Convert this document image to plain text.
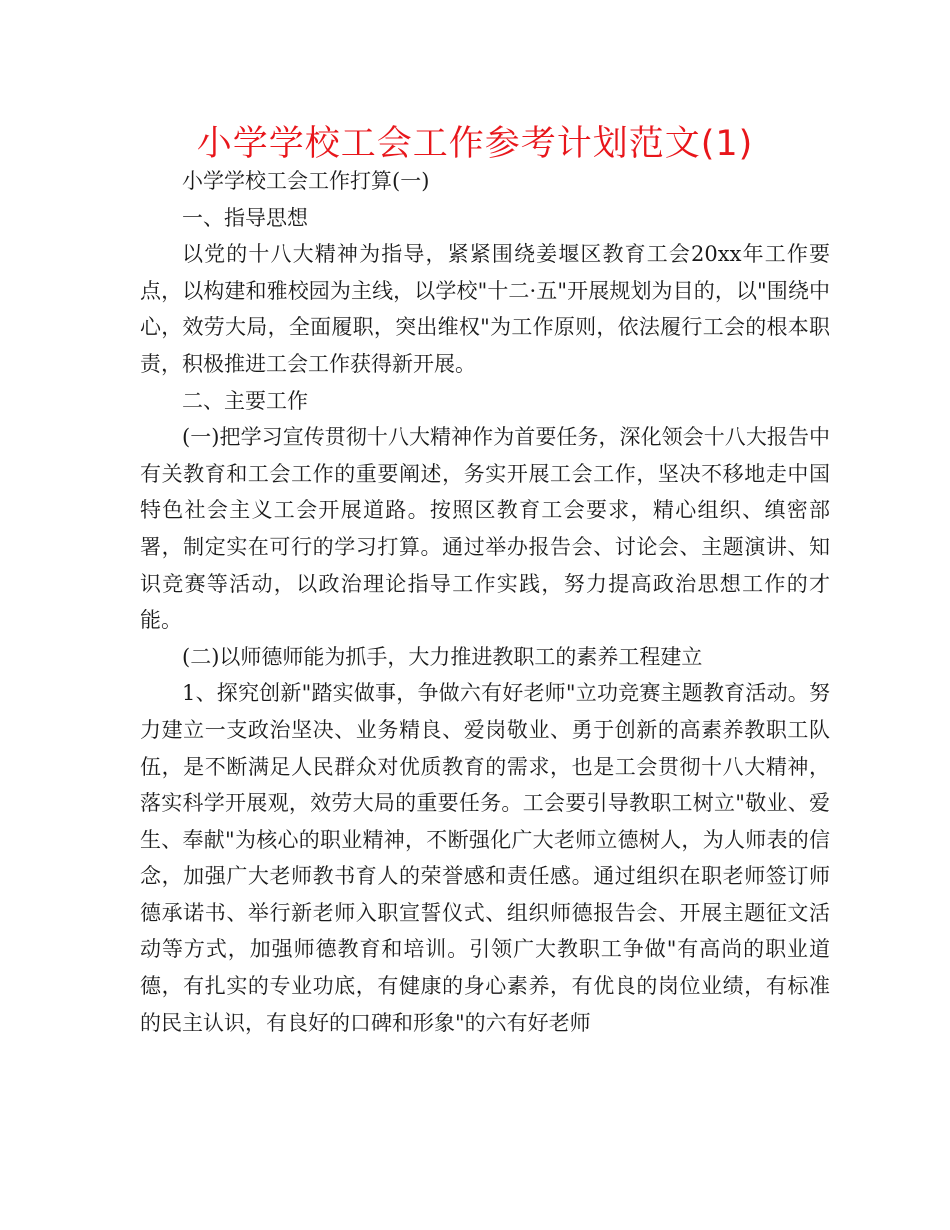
小学学校工会工作参考计划范文(1)

小学学校工会工作打算(一)

一、指导思想

以党的十八大精神为指导，紧紧围绕姜堰区教育工会20xx年工作要点，以构建和雅校园为主线，以学校"十二·五"开展规划为目的，以"围绕中心，效劳大局，全面履职，突出维权"为工作原则，依法履行工会的根本职责，积极推进工会工作获得新开展。

二、主要工作

(一)把学习宣传贯彻十八大精神作为首要任务，深化领会十八大报告中有关教育和工会工作的重要阐述，务实开展工会工作，坚决不移地走中国特色社会主义工会开展道路。按照区教育工会要求，精心组织、缜密部署，制定实在可行的学习打算。通过举办报告会、讨论会、主题演讲、知识竞赛等活动，以政治理论指导工作实践，努力提高政治思想工作的才能。

(二)以师德师能为抓手，大力推进教职工的素养工程建立

1、探究创新"踏实做事，争做六有好老师"立功竞赛主题教育活动。努力建立一支政治坚决、业务精良、爱岗敬业、勇于创新的高素养教职工队伍，是不断满足人民群众对优质教育的需求，也是工会贯彻十八大精神，落实科学开展观，效劳大局的重要任务。工会要引导教职工树立"敬业、爱生、奉献"为核心的职业精神，不断强化广大老师立德树人，为人师表的信念，加强广大老师教书育人的荣誉感和责任感。通过组织在职老师签订师德承诺书、举行新老师入职宣誓仪式、组织师德报告会、开展主题征文活动等方式，加强师德教育和培训。引领广大教职工争做"有高尚的职业道德，有扎实的专业功底，有健康的身心素养，有优良的岗位业绩，有标准的民主认识，有良好的口碑和形象"的六有好老师
